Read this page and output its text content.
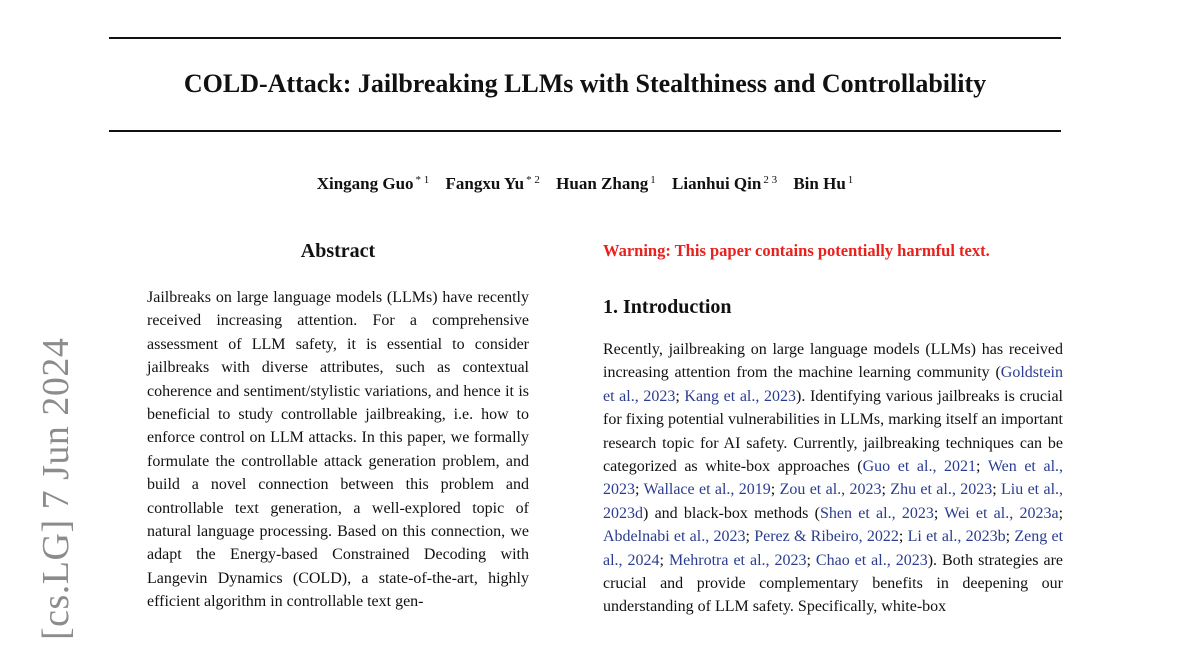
COLD-Attack: Jailbreaking LLMs with Stealthiness and Controllability
Xingang Guo $^{* 1}$ Fangxu Yu $^{* 2}$ Huan Zhang $^1$ Lianhui Qin $^{2 3}$ Bin Hu $^1$
[cs.LG] 7 Jun 2024
Abstract
Jailbreaks on large language models (LLMs) have recently received increasing attention. For a comprehensive assessment of LLM safety, it is essential to consider jailbreaks with diverse attributes, such as contextual coherence and sentiment/stylistic variations, and hence it is beneficial to study controllable jailbreaking, i.e. how to enforce control on LLM attacks. In this paper, we formally formulate the controllable attack generation problem, and build a novel connection between this problem and controllable text generation, a well-explored topic of natural language processing. Based on this connection, we adapt the Energy-based Constrained Decoding with Langevin Dynamics (COLD), a state-of-the-art, highly efficient algorithm in controllable text gen-
Warning: This paper contains potentially harmful text.
1. Introduction
Recently, jailbreaking on large language models (LLMs) has received increasing attention from the machine learning community (Goldstein et al., 2023; Kang et al., 2023). Identifying various jailbreaks is crucial for fixing potential vulnerabilities in LLMs, marking itself an important research topic for AI safety. Currently, jailbreaking techniques can be categorized as white-box approaches (Guo et al., 2021; Wen et al., 2023; Wallace et al., 2019; Zou et al., 2023; Zhu et al., 2023; Liu et al., 2023d) and black-box methods (Shen et al., 2023; Wei et al., 2023a; Abdelnabi et al., 2023; Perez & Ribeiro, 2022; Li et al., 2023b; Zeng et al., 2024; Mehrotra et al., 2023; Chao et al., 2023). Both strategies are crucial and provide complementary benefits in deepening our understanding of LLM safety. Specifically, white-box
